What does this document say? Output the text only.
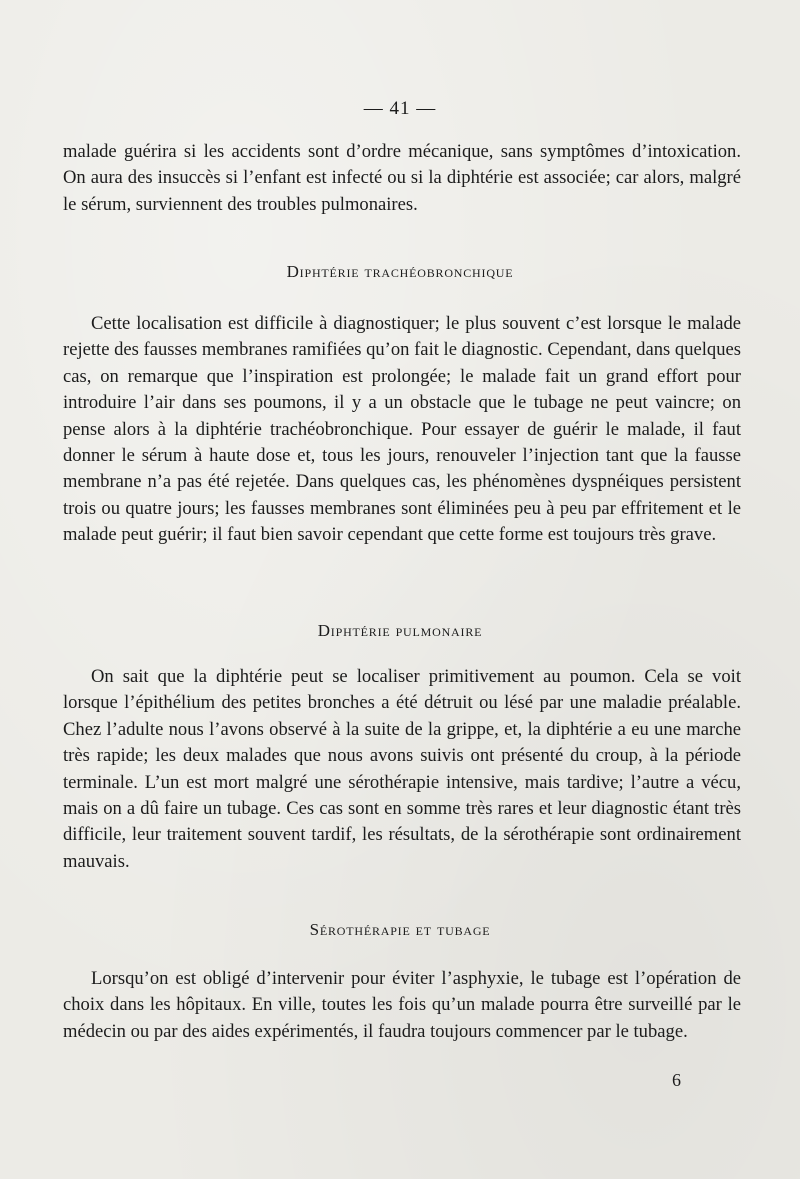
— 41 —

malade guérira si les accidents sont d’ordre mécanique, sans symptômes d’intoxication. On aura des insuccès si l’enfant est infecté ou si la diphtérie est associée; car alors, malgré le sérum, surviennent des troubles pulmonaires.

Diphtérie trachéobronchique

Cette localisation est difficile à diagnostiquer; le plus souvent c’est lorsque le malade rejette des fausses membranes ramifiées qu’on fait le diagnostic. Cependant, dans quelques cas, on remarque que l’inspiration est prolongée; le malade fait un grand effort pour introduire l’air dans ses poumons, il y a un obstacle que le tubage ne peut vaincre; on pense alors à la diphtérie trachéobronchique. Pour essayer de guérir le malade, il faut donner le sérum à haute dose et, tous les jours, renouveler l’injection tant que la fausse membrane n’a pas été rejetée. Dans quelques cas, les phénomènes dyspnéiques persistent trois ou quatre jours; les fausses membranes sont éliminées peu à peu par effritement et le malade peut guérir; il faut bien savoir cependant que cette forme est toujours très grave.

Diphtérie pulmonaire

On sait que la diphtérie peut se localiser primitivement au poumon. Cela se voit lorsque l’épithélium des petites bronches a été détruit ou lésé par une maladie préalable. Chez l’adulte nous l’avons observé à la suite de la grippe, et, la diphtérie a eu une marche très rapide; les deux malades que nous avons suivis ont présenté du croup, à la période terminale. L’un est mort malgré une sérothérapie intensive, mais tardive; l’autre a vécu, mais on a dû faire un tubage. Ces cas sont en somme très rares et leur diagnostic étant très difficile, leur traitement souvent tardif, les résultats, de la sérothérapie sont ordinairement mauvais.

Sérothérapie et tubage

Lorsqu’on est obligé d’intervenir pour éviter l’asphyxie, le tubage est l’opération de choix dans les hôpitaux. En ville, toutes les fois qu’un malade pourra être surveillé par le médecin ou par des aides expérimentés, il faudra toujours commencer par le tubage.

6
